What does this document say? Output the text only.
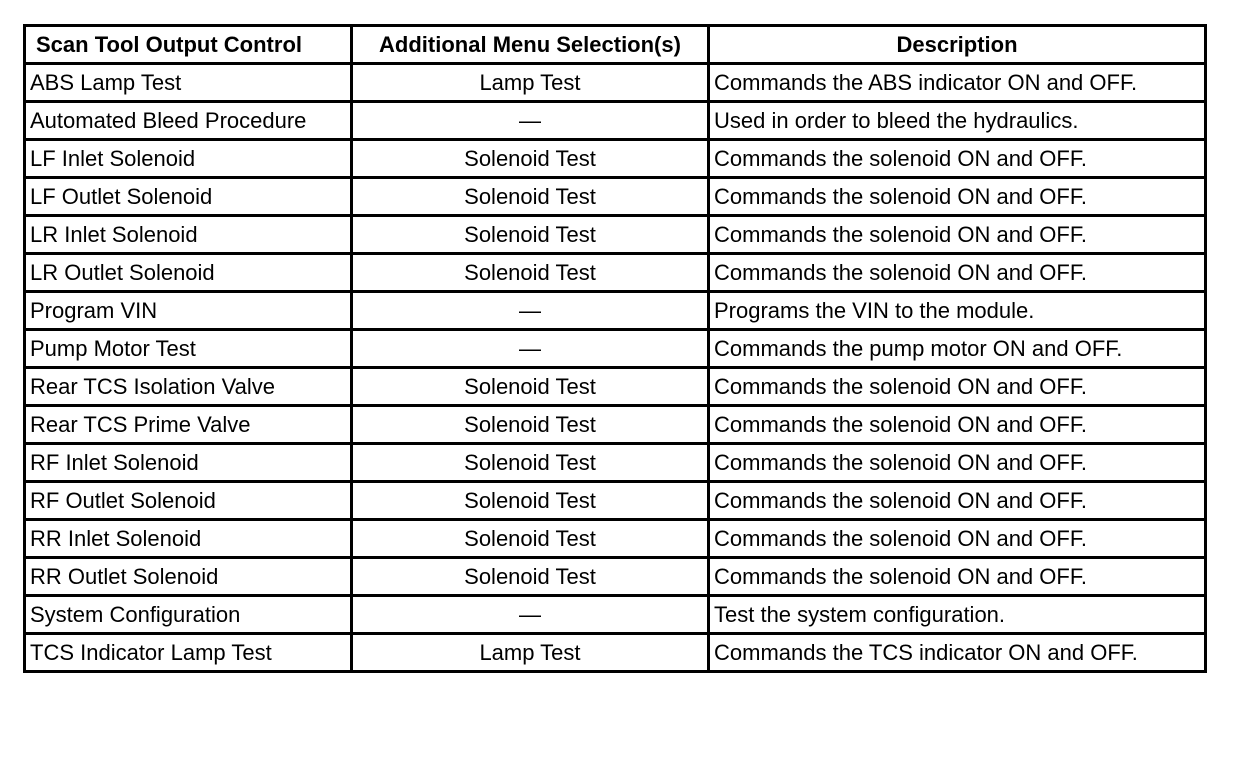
Scan Tool Output Control	Additional Menu Selection(s)	Description
ABS Lamp Test	Lamp Test	Commands the ABS indicator ON and OFF.
Automated Bleed Procedure	—	Used in order to bleed the hydraulics.
LF Inlet Solenoid	Solenoid Test	Commands the solenoid ON and OFF.
LF Outlet Solenoid	Solenoid Test	Commands the solenoid ON and OFF.
LR Inlet Solenoid	Solenoid Test	Commands the solenoid ON and OFF.
LR Outlet Solenoid	Solenoid Test	Commands the solenoid ON and OFF.
Program VIN	—	Programs the VIN to the module.
Pump Motor Test	—	Commands the pump motor ON and OFF.
Rear TCS Isolation Valve	Solenoid Test	Commands the solenoid ON and OFF.
Rear TCS Prime Valve	Solenoid Test	Commands the solenoid ON and OFF.
RF Inlet Solenoid	Solenoid Test	Commands the solenoid ON and OFF.
RF Outlet Solenoid	Solenoid Test	Commands the solenoid ON and OFF.
RR Inlet Solenoid	Solenoid Test	Commands the solenoid ON and OFF.
RR Outlet Solenoid	Solenoid Test	Commands the solenoid ON and OFF.
System Configuration	—	Test the system configuration.
TCS Indicator Lamp Test	Lamp Test	Commands the TCS indicator ON and OFF.
